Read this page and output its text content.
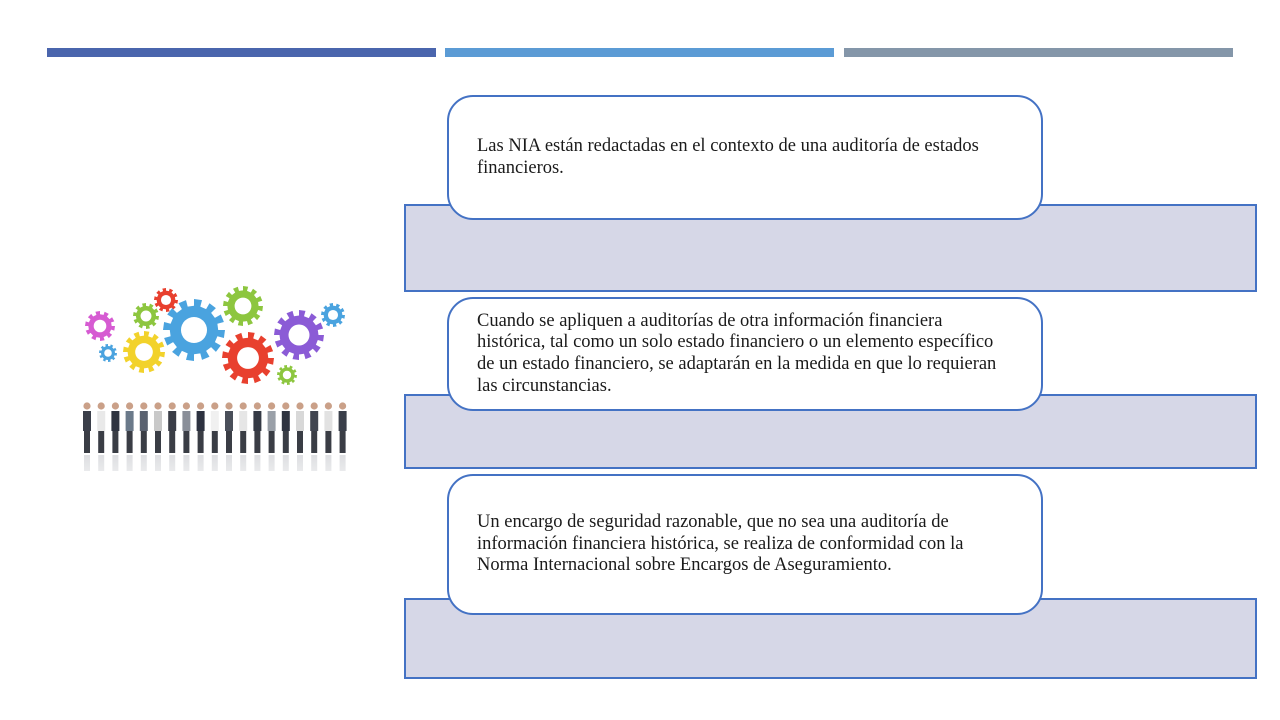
Las NIA están redactadas en el contexto de una auditoría de estados financieros.
Cuando se apliquen a auditorías de otra información financiera histórica, tal como un solo estado financiero o un elemento específico de un estado financiero, se adaptarán en la medida en que lo requieran las circunstancias.
Un encargo de seguridad razonable, que no sea una auditoría de información financiera histórica, se realiza de conformidad con la Norma Internacional sobre Encargos de Aseguramiento.
